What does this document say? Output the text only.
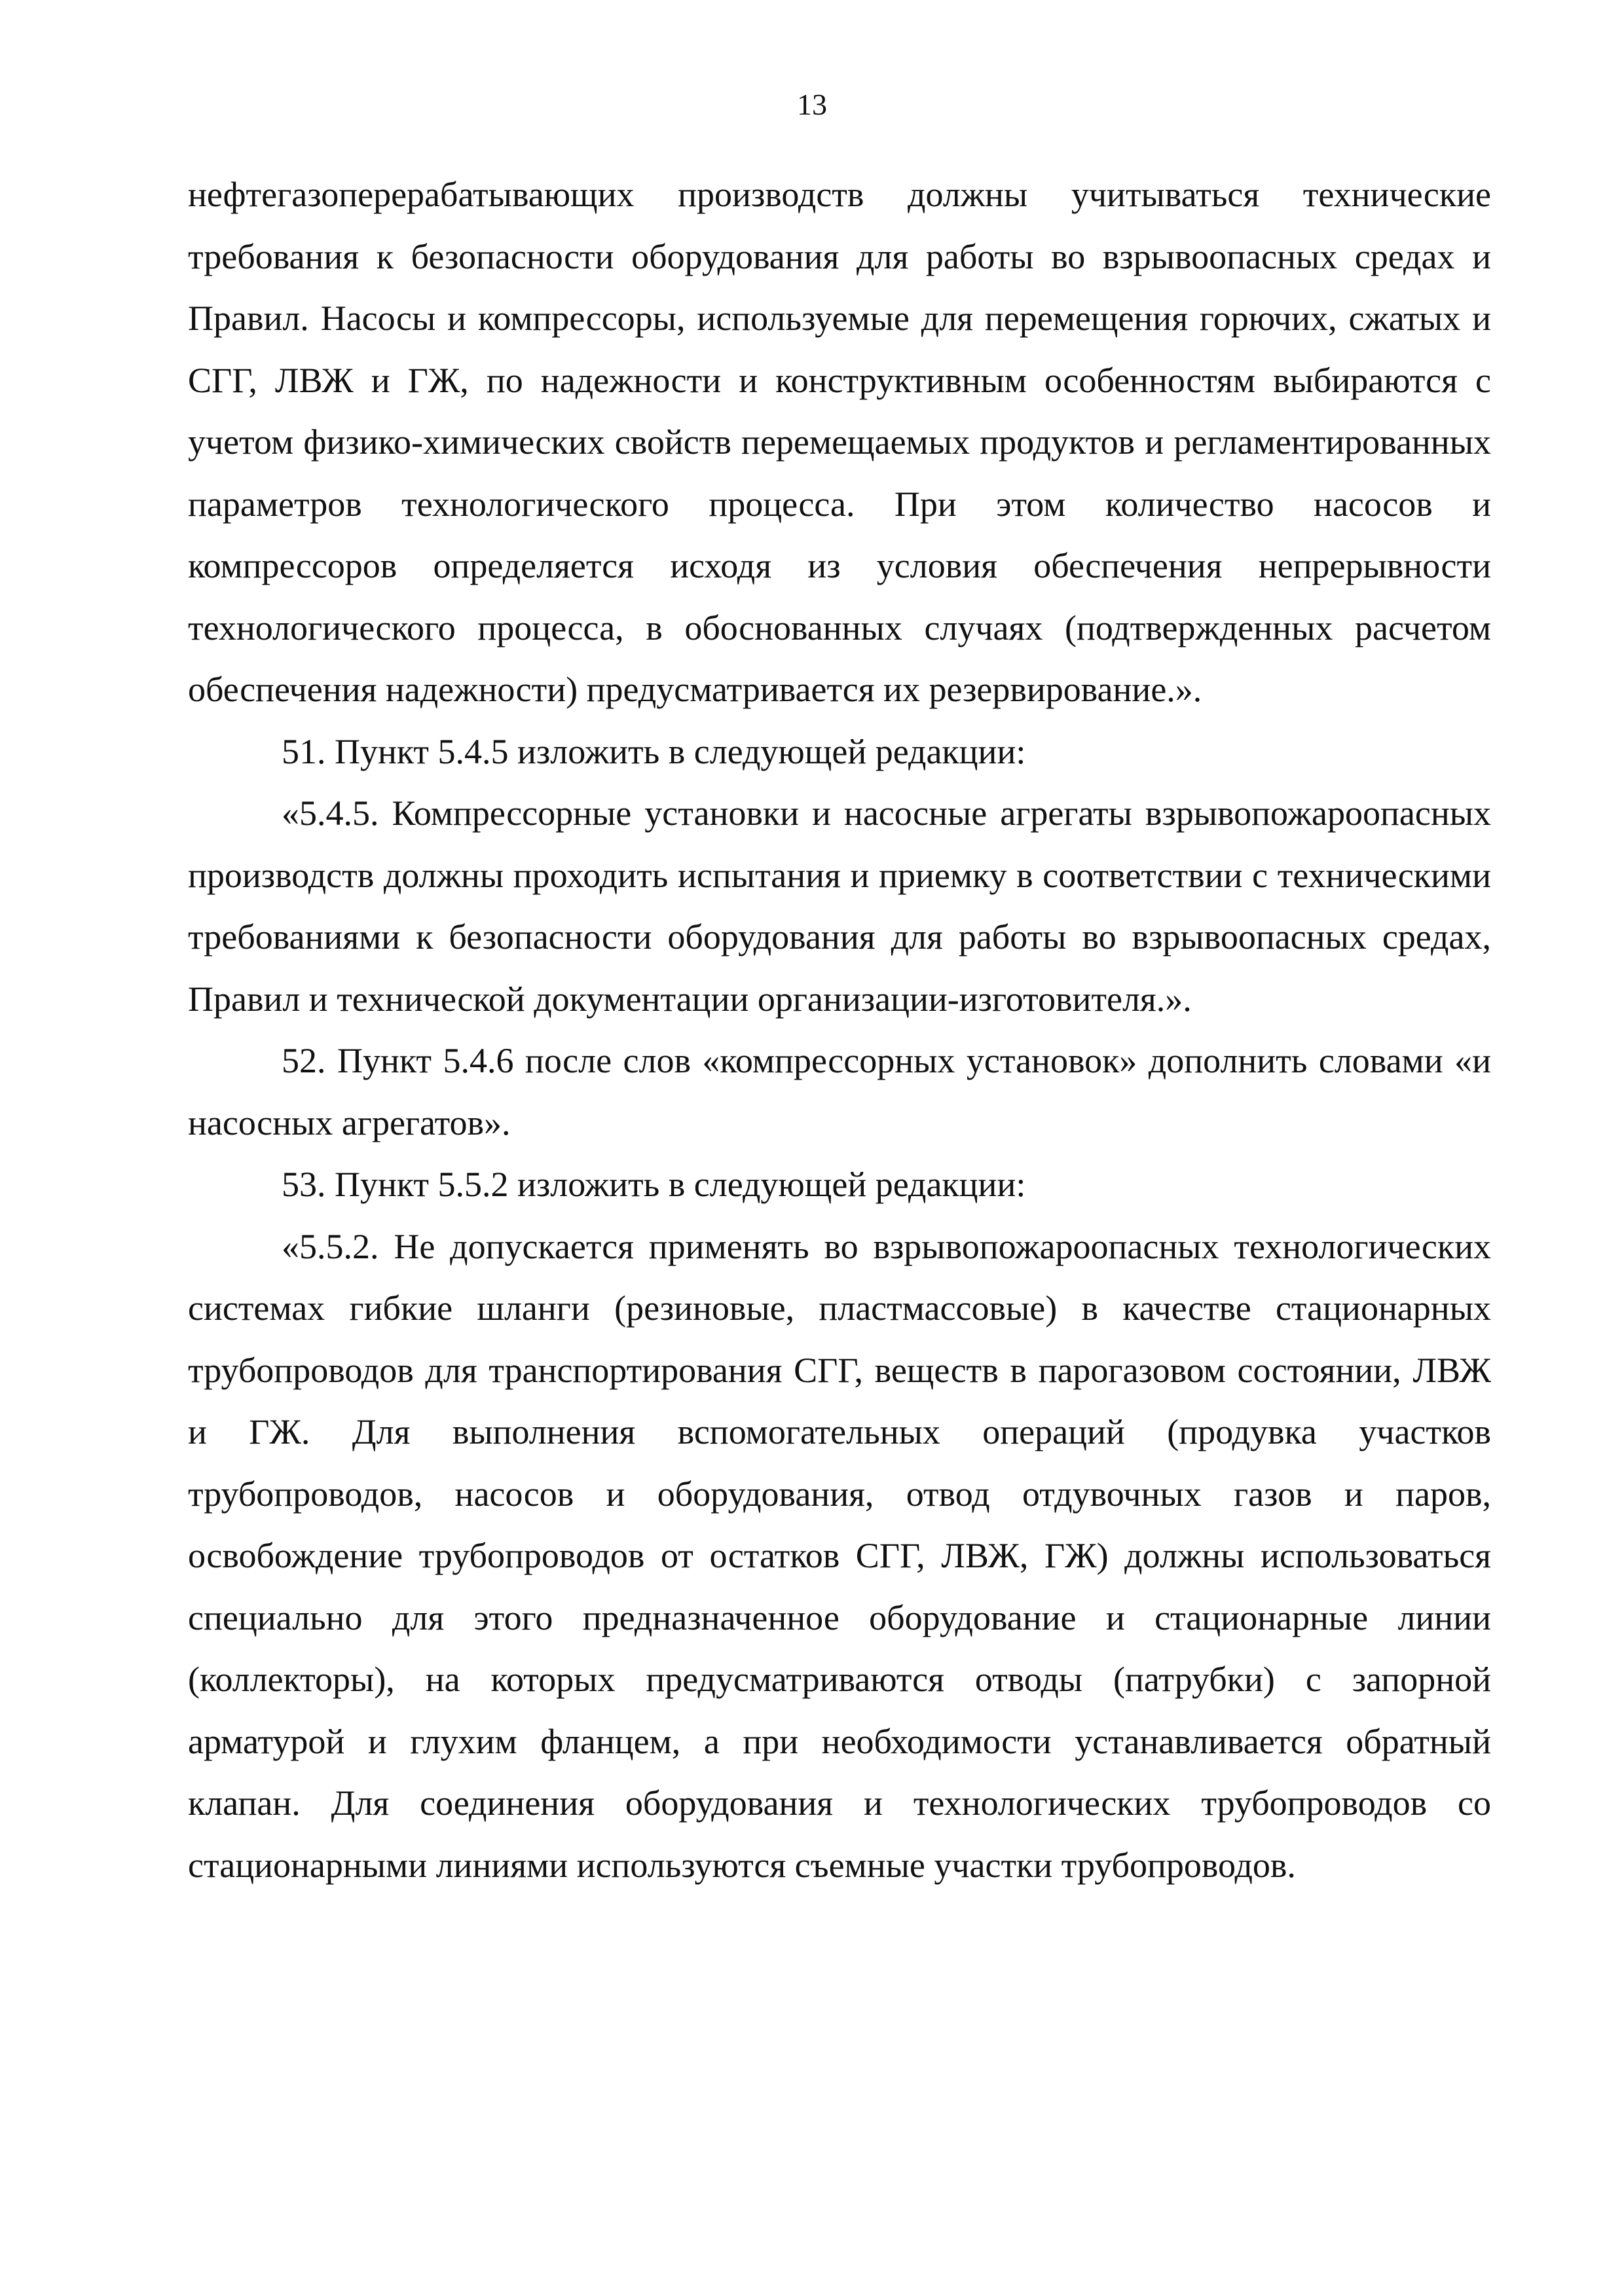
13

нефтегазоперерабатывающих производств должны учитываться технические требования к безопасности оборудования для работы во взрывоопасных средах и Правил. Насосы и компрессоры, используемые для перемещения горючих, сжатых и СГГ, ЛВЖ и ГЖ, по надежности и конструктивным особенностям выбираются с учетом физико-химических свойств перемещаемых продуктов и регламентированных параметров технологического процесса. При этом количество насосов и компрессоров определяется исходя из условия обеспечения непрерывности технологического процесса, в обоснованных случаях (подтвержденных расчетом обеспечения надежности) предусматривается их резервирование.».

51. Пункт 5.4.5 изложить в следующей редакции:

«5.4.5. Компрессорные установки и насосные агрегаты взрывопожароопасных производств должны проходить испытания и приемку в соответствии с техническими требованиями к безопасности оборудования для работы во взрывоопасных средах, Правил и технической документации организации-изготовителя.».

52. Пункт 5.4.6 после слов «компрессорных установок» дополнить словами «и насосных агрегатов».

53. Пункт 5.5.2 изложить в следующей редакции:

«5.5.2. Не допускается применять во взрывопожароопасных технологических системах гибкие шланги (резиновые, пластмассовые) в качестве стационарных трубопроводов для транспортирования СГГ, веществ в парогазовом состоянии, ЛВЖ и ГЖ. Для выполнения вспомогательных операций (продувка участков трубопроводов, насосов и оборудования, отвод отдувочных газов и паров, освобождение трубопроводов от остатков СГГ, ЛВЖ, ГЖ) должны использоваться специально для этого предназначенное оборудование и стационарные линии (коллекторы), на которых предусматриваются отводы (патрубки) с запорной арматурой и глухим фланцем, а при необходимости устанавливается обратный клапан. Для соединения оборудования и технологических трубопроводов со стационарными линиями используются съемные участки трубопроводов.
